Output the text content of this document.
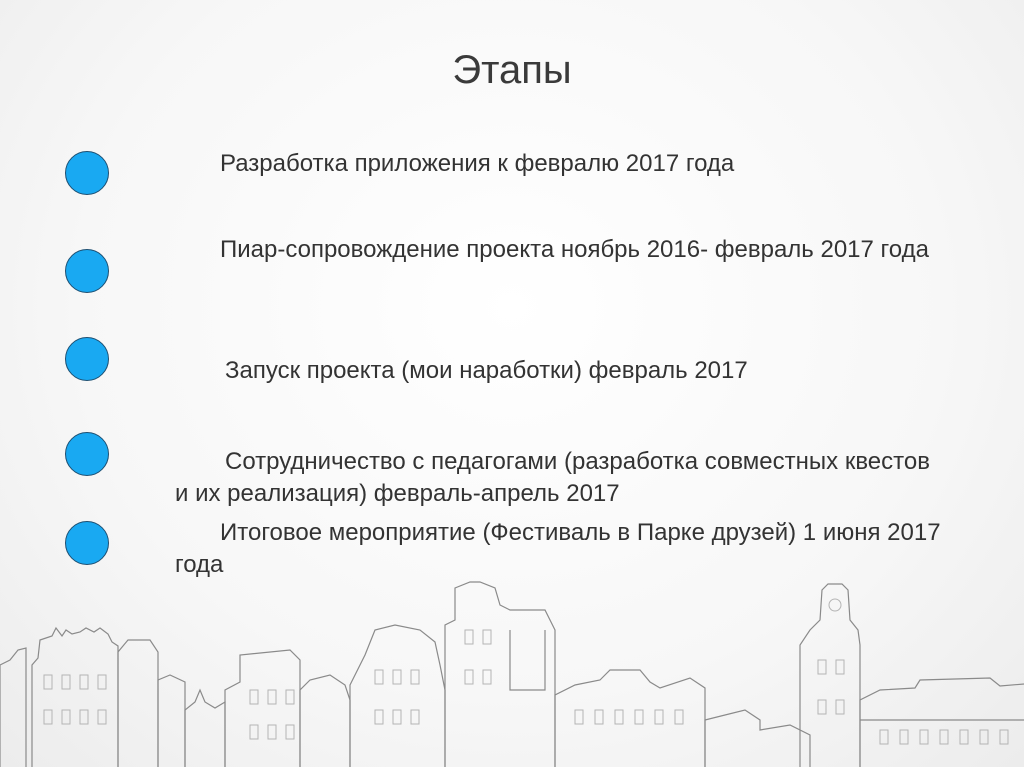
Этапы
Разработка приложения к февралю 2017 года
Пиар-сопровождение проекта ноябрь 2016- февраль 2017 года
Запуск проекта (мои наработки) февраль 2017
Сотрудничество с педагогами (разработка совместных квестов и их реализация) февраль-апрель 2017
Итоговое мероприятие (Фестиваль в Парке друзей) 1 июня 2017 года
